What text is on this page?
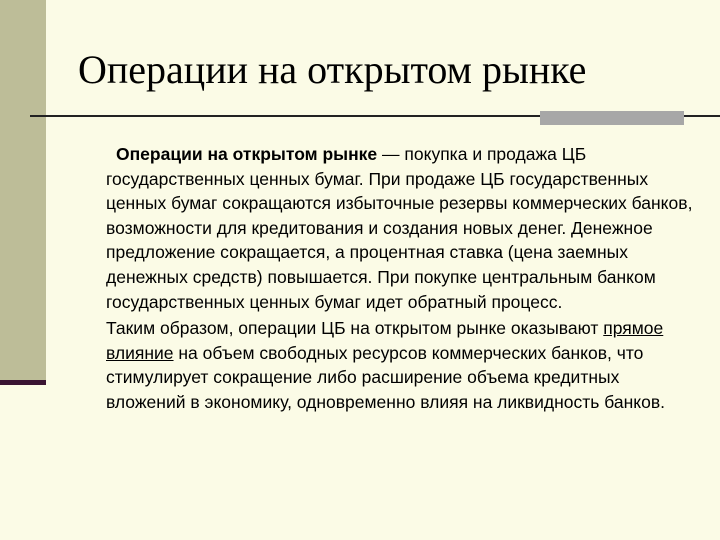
Операции на открытом рынке

Операции на открытом рынке — покупка и продажа ЦБ государственных ценных бумаг. При продаже ЦБ государственных ценных бумаг сокращаются избыточные резервы коммерческих банков, возможности для кредитования и создания новых денег. Денежное предложение сокращается, а процентная ставка (цена заемных денежных средств) повышается. При покупке центральным банком государственных ценных бумаг идет обратный процесс.

Таким образом, операции ЦБ на открытом рынке оказывают прямое влияние на объем свободных ресурсов коммерческих банков, что стимулирует сокращение либо расширение объема кредитных вложений в экономику, одновременно влияя на ликвидность банков.
